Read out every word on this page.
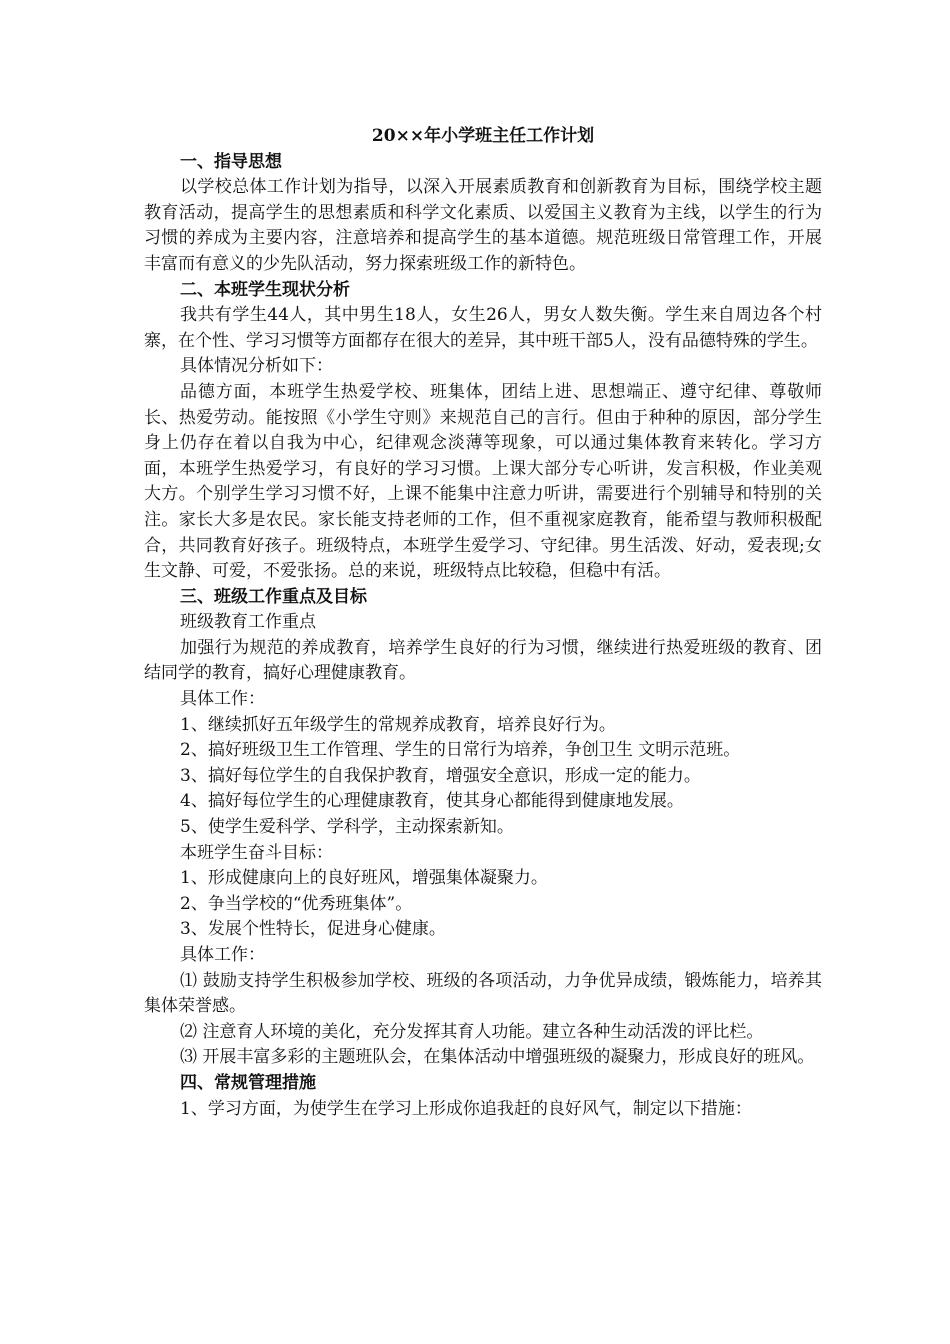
20××年小学班主任工作计划

一、指导思想

以学校总体工作计划为指导，以深入开展素质教育和创新教育为目标，围绕学校主题教育活动，提高学生的思想素质和科学文化素质、以爱国主义教育为主线，以学生的行为习惯的养成为主要内容，注意培养和提高学生的基本道德。规范班级日常管理工作，开展丰富而有意义的少先队活动，努力探索班级工作的新特色。

二、本班学生现状分析

我共有学生44人，其中男生18人，女生26人，男女人数失衡。学生来自周边各个村寨，在个性、学习习惯等方面都存在很大的差异，其中班干部5人，没有品德特殊的学生。

具体情况分析如下：

品德方面，本班学生热爱学校、班集体，团结上进、思想端正、遵守纪律、尊敬师长、热爱劳动。能按照《小学生守则》来规范自己的言行。但由于种种的原因，部分学生身上仍存在着以自我为中心，纪律观念淡薄等现象，可以通过集体教育来转化。学习方面，本班学生热爱学习，有良好的学习习惯。上课大部分专心听讲，发言积极，作业美观大方。个别学生学习习惯不好，上课不能集中注意力听讲，需要进行个别辅导和特别的关注。家长大多是农民。家长能支持老师的工作，但不重视家庭教育，能希望与教师积极配合，共同教育好孩子。班级特点，本班学生爱学习、守纪律。男生活泼、好动，爱表现;女生文静、可爱，不爱张扬。总的来说，班级特点比较稳，但稳中有活。

三、班级工作重点及目标

班级教育工作重点

加强行为规范的养成教育，培养学生良好的行为习惯，继续进行热爱班级的教育、团结同学的教育，搞好心理健康教育。

具体工作：

1、继续抓好五年级学生的常规养成教育，培养良好行为。

2、搞好班级卫生工作管理、学生的日常行为培养，争创卫生 文明示范班。

3、搞好每位学生的自我保护教育，增强安全意识，形成一定的能力。

4、搞好每位学生的心理健康教育，使其身心都能得到健康地发展。

5、使学生爱科学、学科学，主动探索新知。

本班学生奋斗目标：

1、形成健康向上的良好班风，增强集体凝聚力。

2、争当学校的“优秀班集体”。

3、发展个性特长，促进身心健康。

具体工作：

⑴ 鼓励支持学生积极参加学校、班级的各项活动，力争优异成绩，锻炼能力，培养其集体荣誉感。

⑵ 注意育人环境的美化，充分发挥其育人功能。建立各种生动活泼的评比栏。

⑶ 开展丰富多彩的主题班队会，在集体活动中增强班级的凝聚力，形成良好的班风。

四、常规管理措施

1、学习方面，为使学生在学习上形成你追我赶的良好风气，制定以下措施：
